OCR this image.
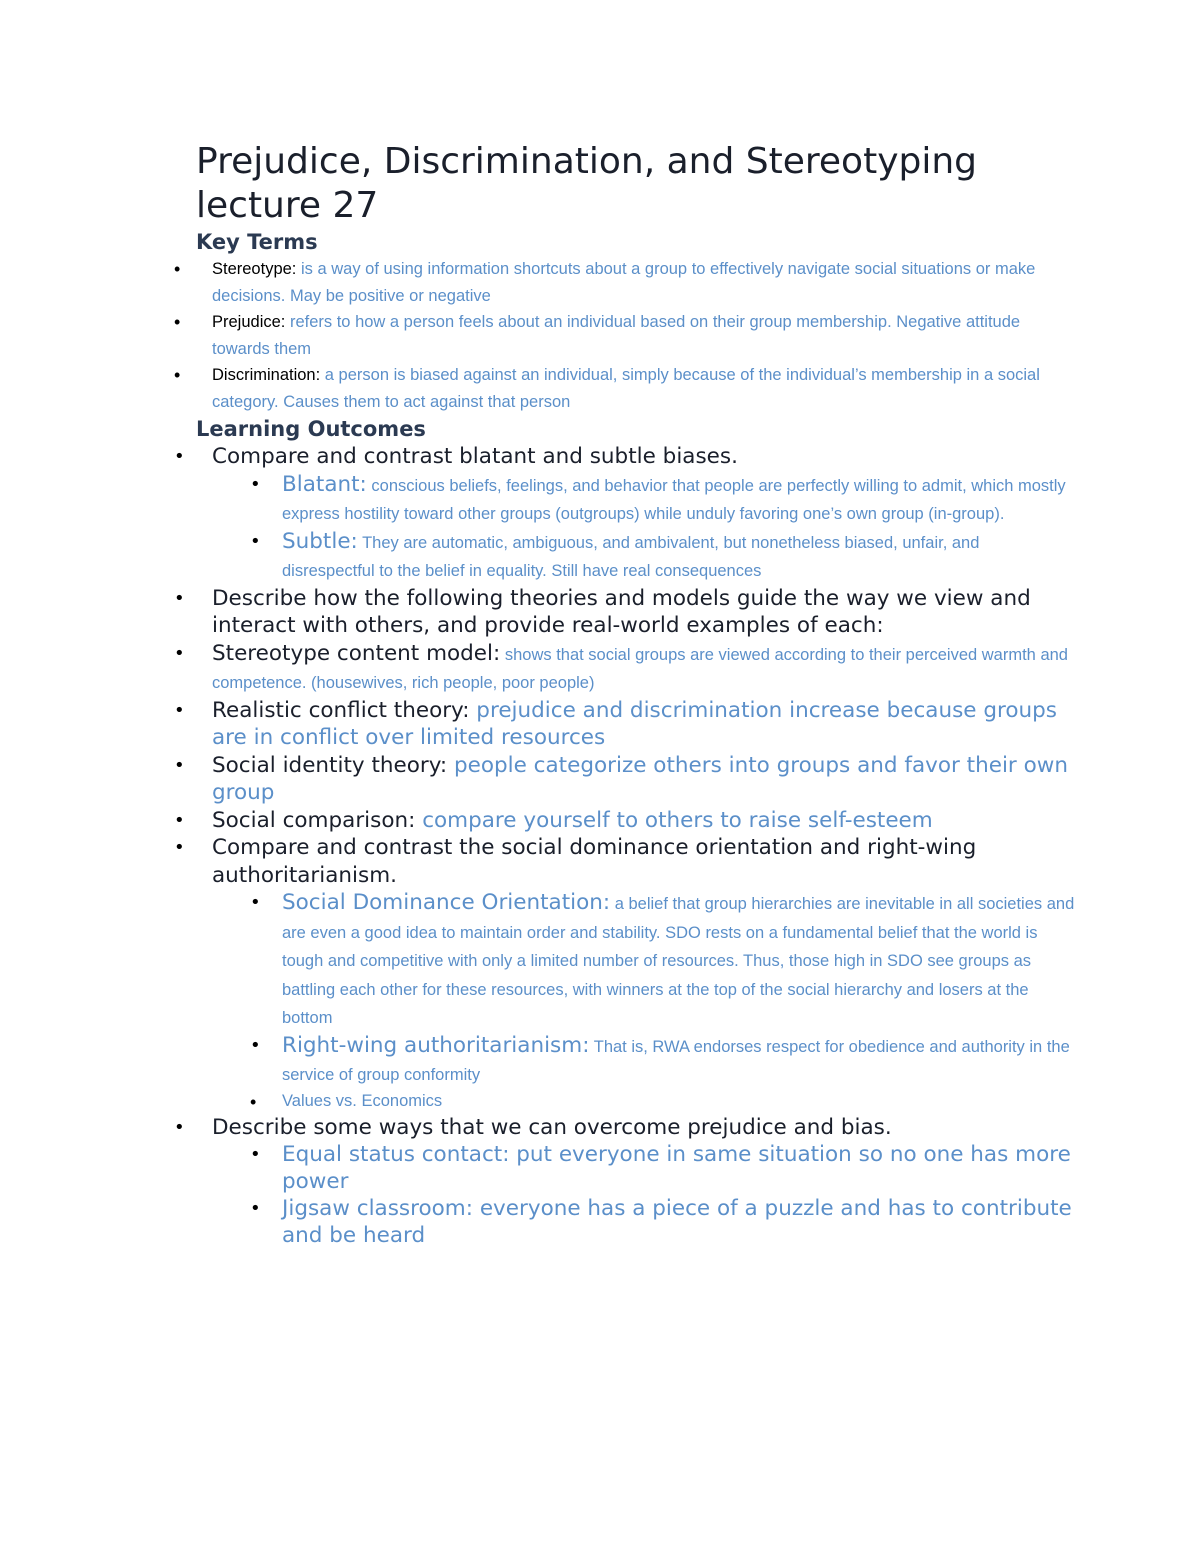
Prejudice, Discrimination, and Stereotyping lecture 27
Key Terms
• Stereotype: is a way of using information shortcuts about a group to effectively navigate social situations or make decisions. May be positive or negative
• Prejudice: refers to how a person feels about an individual based on their group membership. Negative attitude towards them
• Discrimination: a person is biased against an individual, simply because of the individual’s membership in a social category. Causes them to act against that person
Learning Outcomes
• Compare and contrast blatant and subtle biases.
• Blatant: conscious beliefs, feelings, and behavior that people are perfectly willing to admit, which mostly express hostility toward other groups (outgroups) while unduly favoring one’s own group (in-group).
• Subtle: They are automatic, ambiguous, and ambivalent, but nonetheless biased, unfair, and disrespectful to the belief in equality. Still have real consequences
• Describe how the following theories and models guide the way we view and interact with others, and provide real-world examples of each:
• Stereotype content model: shows that social groups are viewed according to their perceived warmth and competence. (housewives, rich people, poor people)
• Realistic conflict theory: prejudice and discrimination increase because groups are in conflict over limited resources
• Social identity theory: people categorize others into groups and favor their own group
• Social comparison: compare yourself to others to raise self-esteem
• Compare and contrast the social dominance orientation and right-wing authoritarianism.
• Social Dominance Orientation: a belief that group hierarchies are inevitable in all societies and are even a good idea to maintain order and stability. SDO rests on a fundamental belief that the world is tough and competitive with only a limited number of resources. Thus, those high in SDO see groups as battling each other for these resources, with winners at the top of the social hierarchy and losers at the bottom
• Right-wing authoritarianism: That is, RWA endorses respect for obedience and authority in the service of group conformity
• Values vs. Economics
• Describe some ways that we can overcome prejudice and bias.
• Equal status contact: put everyone in same situation so no one has more power
• Jigsaw classroom: everyone has a piece of a puzzle and has to contribute and be heard
